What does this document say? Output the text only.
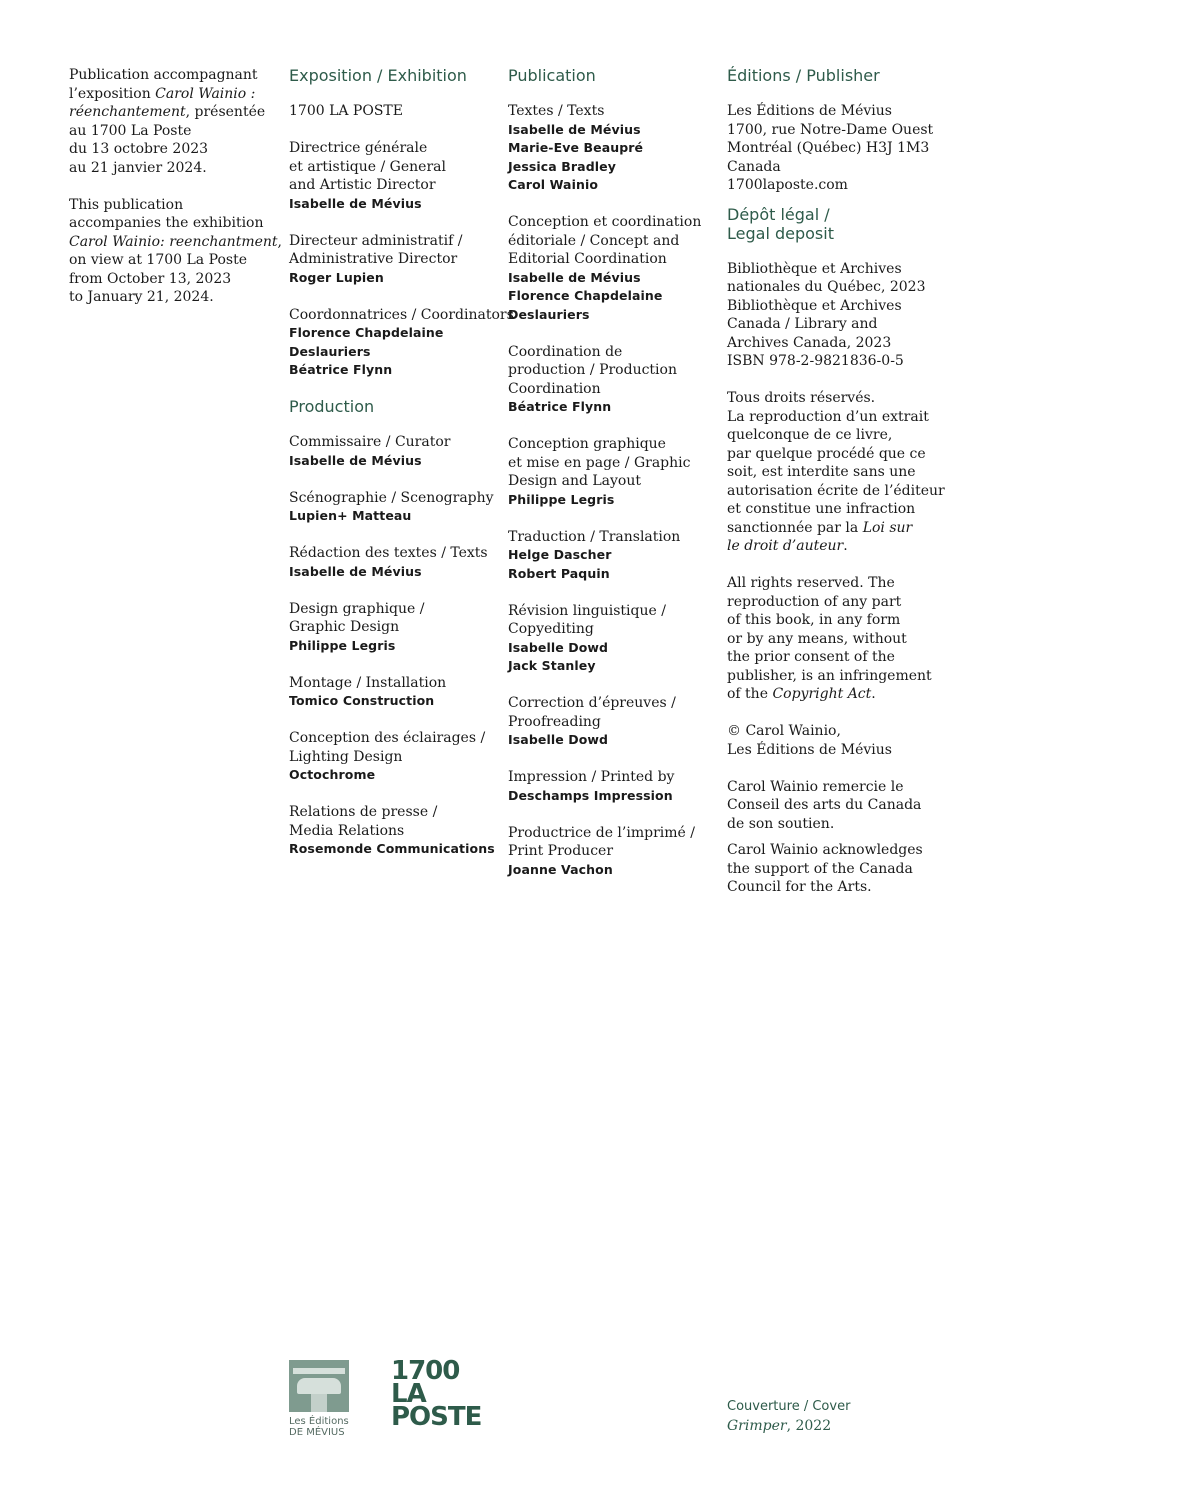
Publication accompagnant
l’exposition Carol Wainio :
réenchantement, présentée
au 1700 La Poste
du 13 octobre 2023
au 21 janvier 2024.
This publication
accompanies the exhibition
Carol Wainio: reenchantment,
on view at 1700 La Poste
from October 13, 2023
to January 21, 2024.
Exposition / Exhibition
1700 LA POSTE
Directrice générale
et artistique / General
and Artistic Director
Isabelle de Mévius
Directeur administratif /
Administrative Director
Roger Lupien
Coordonnatrices / Coordinators
Florence Chapdelaine
Deslauriers
Béatrice Flynn
Production
Commissaire / Curator
Isabelle de Mévius
Scénographie / Scenography
Lupien+ Matteau
Rédaction des textes / Texts
Isabelle de Mévius
Design graphique /
Graphic Design
Philippe Legris
Montage / Installation
Tomico Construction
Conception des éclairages /
Lighting Design
Octochrome
Relations de presse /
Media Relations
Rosemonde Communications
Publication
Textes / Texts
Isabelle de Mévius
Marie-Eve Beaupré
Jessica Bradley
Carol Wainio
Conception et coordination
éditoriale / Concept and
Editorial Coordination
Isabelle de Mévius
Florence Chapdelaine
Deslauriers
Coordination de
production / Production
Coordination
Béatrice Flynn
Conception graphique
et mise en page / Graphic
Design and Layout
Philippe Legris
Traduction / Translation
Helge Dascher
Robert Paquin
Révision linguistique /
Copyediting
Isabelle Dowd
Jack Stanley
Correction d’épreuves /
Proofreading
Isabelle Dowd
Impression / Printed by
Deschamps Impression
Productrice de l’imprimé /
Print Producer
Joanne Vachon
Éditions / Publisher
Les Éditions de Mévius
1700, rue Notre-Dame Ouest
Montréal (Québec) H3J 1M3
Canada
1700laposte.com
Dépôt légal /
Legal deposit
Bibliothèque et Archives
nationales du Québec, 2023
Bibliothèque et Archives
Canada / Library and
Archives Canada, 2023
ISBN 978-2-9821836-0-5
Tous droits réservés.
La reproduction d’un extrait
quelconque de ce livre,
par quelque procédé que ce
soit, est interdite sans une
autorisation écrite de l’éditeur
et constitue une infraction
sanctionnée par la Loi sur
le droit d’auteur.
All rights reserved. The
reproduction of any part
of this book, in any form
or by any means, without
the prior consent of the
publisher, is an infringement
of the Copyright Act.
© Carol Wainio,
Les Éditions de Mévius
Carol Wainio remercie le
Conseil des arts du Canada
de son soutien.
Carol Wainio acknowledges
the support of the Canada
Council for the Arts.
Les Éditions
DE MÉVIUS
1700
LA
POSTE	Couverture / Cover
Grimper, 2022
